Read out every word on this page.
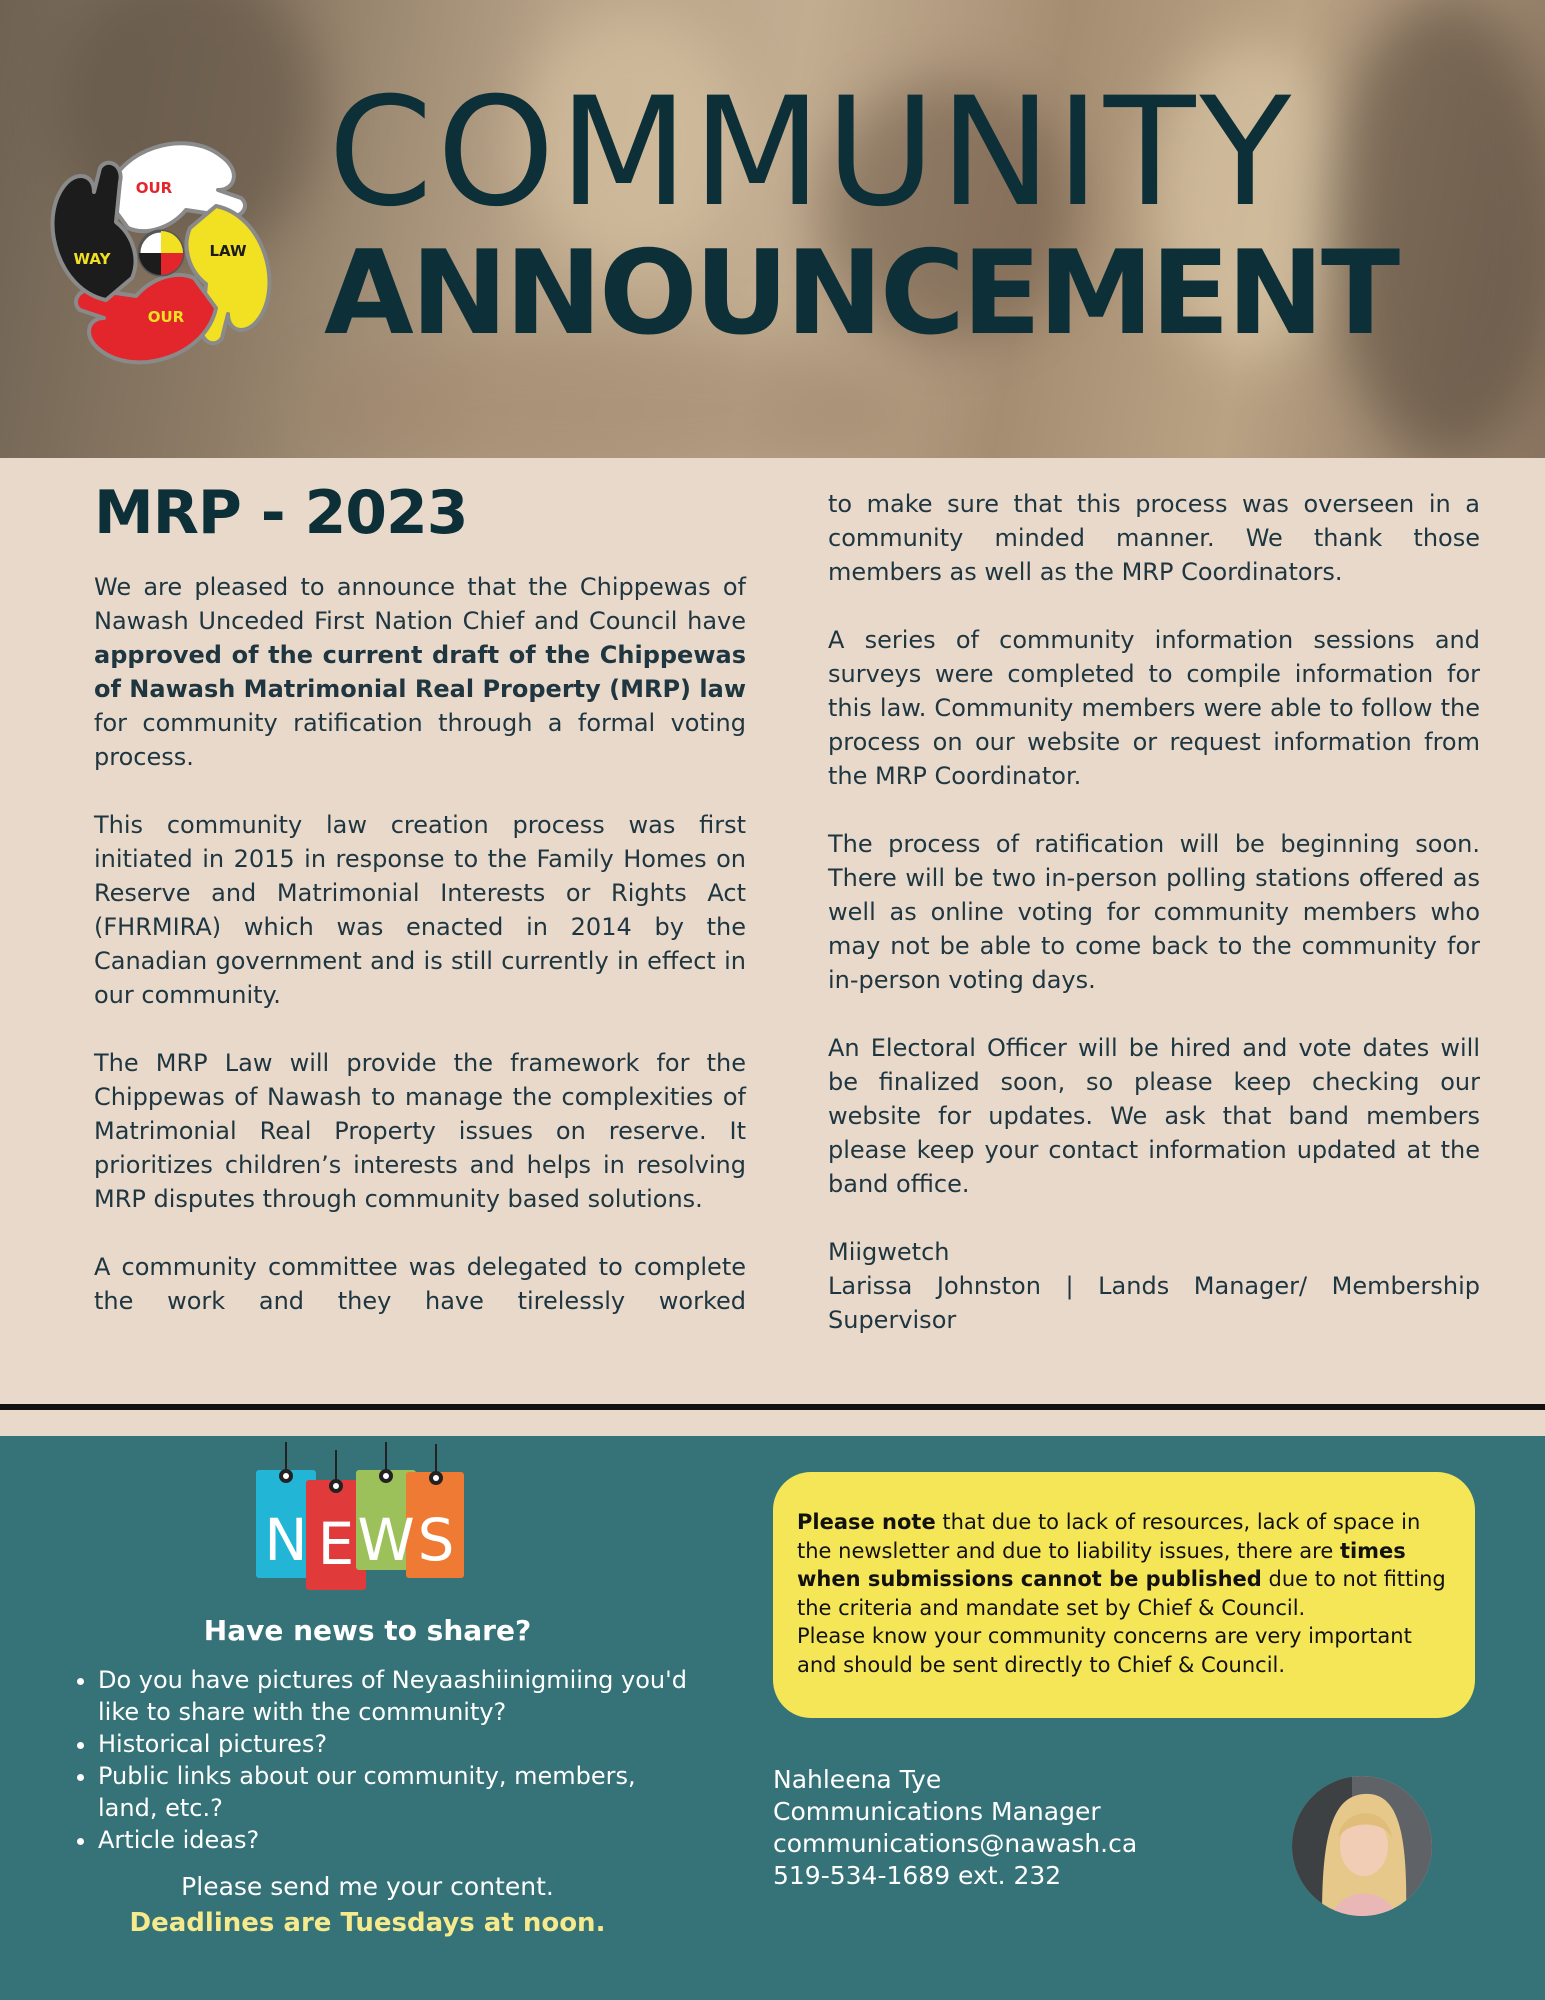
OUR
LAW
OUR
WAY
COMMUNITY
ANNOUNCEMENT
MRP - 2023

We are pleased to announce that the Chippewas of Nawash Unceded First Nation Chief and Council have approved of the current draft of the Chippewas of Nawash Matrimonial Real Property (MRP) law for community ratification through a formal voting process.

This community law creation process was first initiated in 2015 in response to the Family Homes on Reserve and Matrimonial Interests or Rights Act (FHRMIRA) which was enacted in 2014 by the Canadian government and is still currently in effect in our community.

The MRP Law will provide the framework for the Chippewas of Nawash to manage the complexities of Matrimonial Real Property issues on reserve. It prioritizes children’s interests and helps in resolving MRP disputes through community based solutions.

A community committee was delegated to complete the work and they have tirelessly worked

to make sure that this process was overseen in a community minded manner. We thank those members as well as the MRP Coordinators.

A series of community information sessions and surveys were completed to compile information for this law. Community members were able to follow the process on our website or request information from the MRP Coordinator.

The process of ratification will be beginning soon. There will be two in-person polling stations offered as well as online voting for community members who may not be able to come back to the community for in-person voting days.

An Electoral Officer will be hired and vote dates will be finalized soon, so please keep checking our website for updates. We ask that band members please keep your contact information updated at the band office.

Miigwetch
Larissa Johnston | Lands Manager/ Membership
Supervisor
N E W S
Have news to share?
• Do you have pictures of Neyaashiinigmiing you'd like to share with the community?
• Historical pictures?
• Public links about our community, members, land, etc.?
• Article ideas?
Please send me your content.
Deadlines are Tuesdays at noon.

Please note that due to lack of resources, lack of space in the newsletter and due to liability issues, there are times when submissions cannot be published due to not fitting the criteria and mandate set by Chief & Council.

Please know your community concerns are very important and should be sent directly to Chief & Council.

Nahleena Tye
Communications Manager
communications@nawash.ca
519-534-1689 ext. 232
